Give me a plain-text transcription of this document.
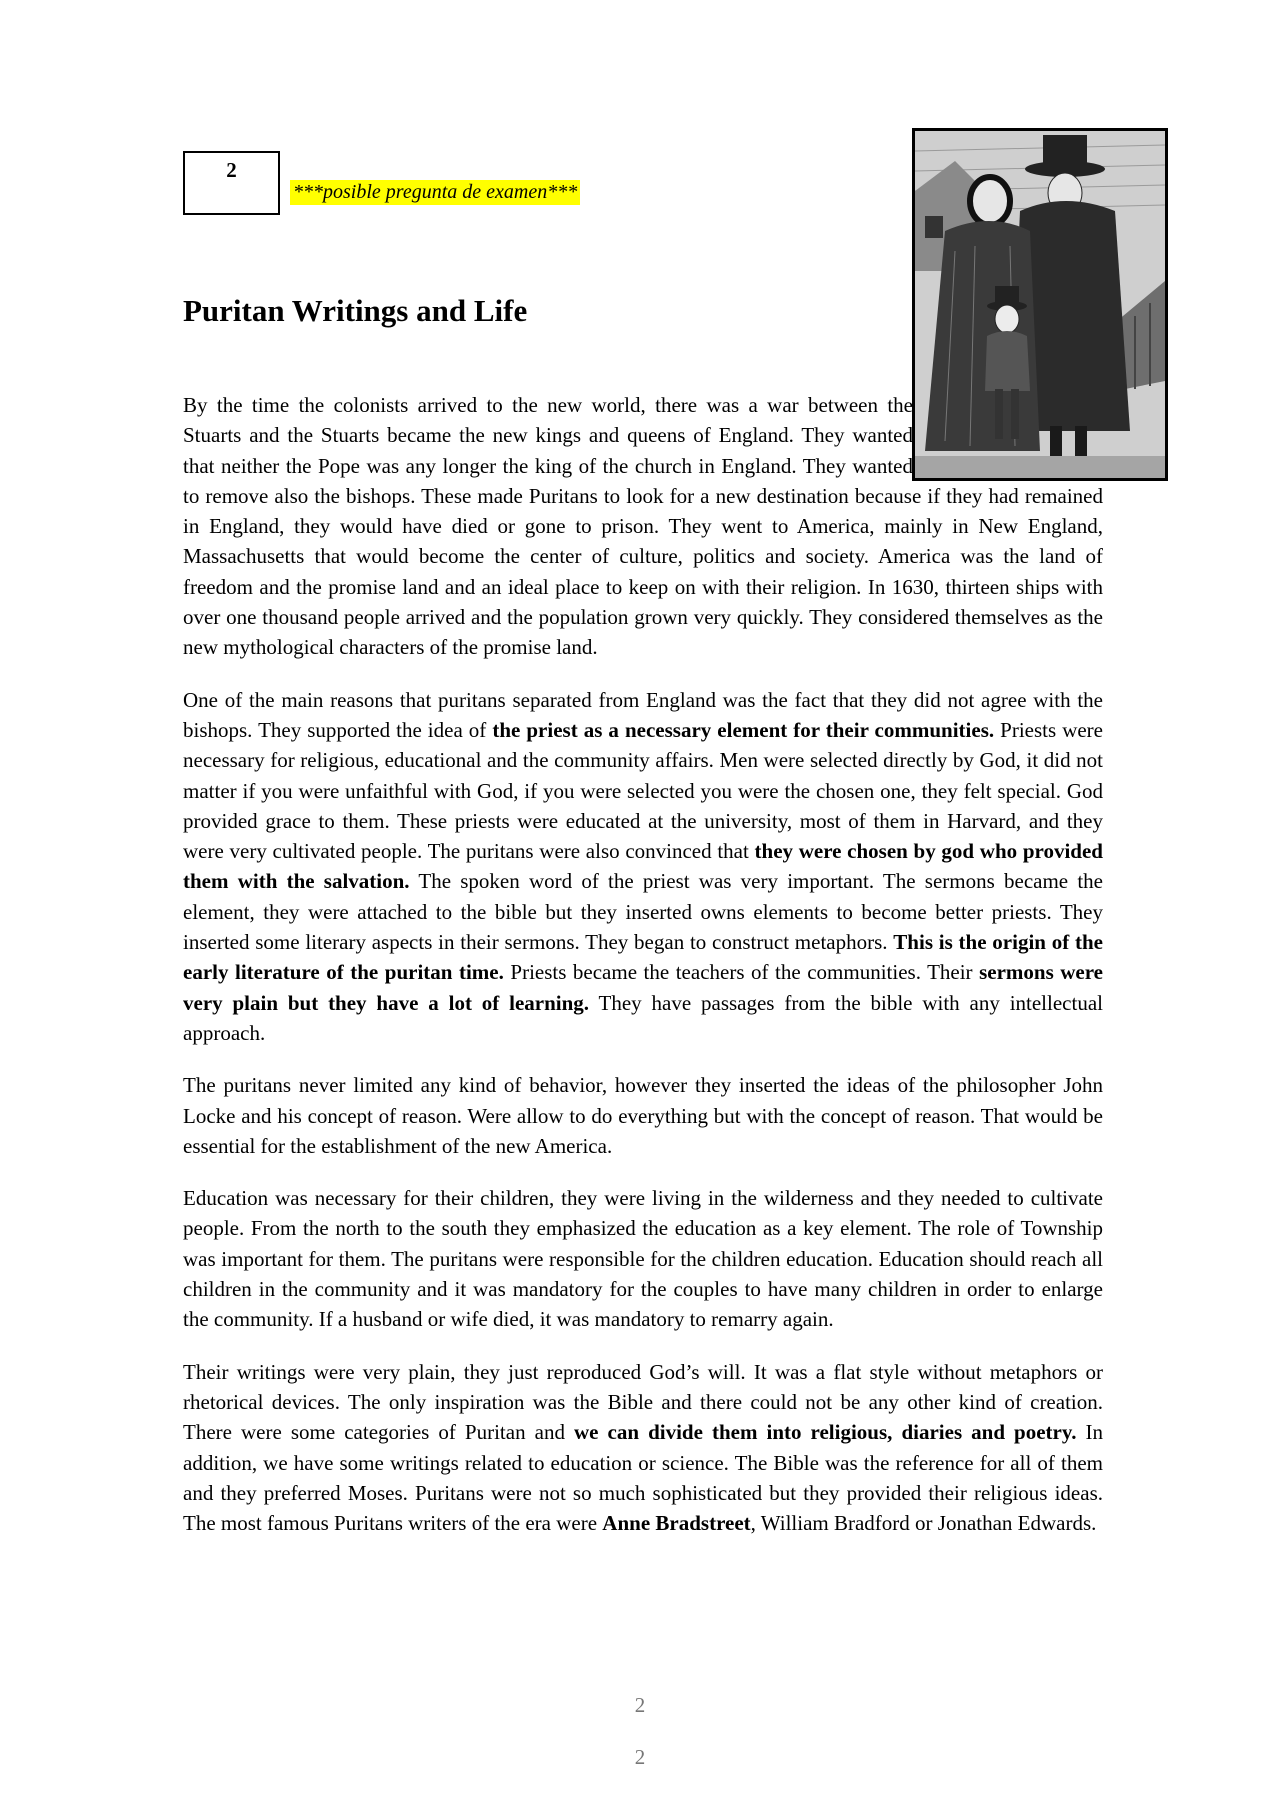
2
***posible pregunta de examen***
Puritan Writings and Life

By the time the colonists arrived to the new world, there was a war between the Stuarts and the Stuarts became the new kings and queens of England. They wanted that neither the Pope was any longer the king of the church in England. They wanted to remove also the bishops. These made Puritans to look for a new destination because if they had remained in England, they would have died or gone to prison. They went to America, mainly in New England, Massachusetts that would become the center of culture, politics and society. America was the land of freedom and the promise land and an ideal place to keep on with their religion. In 1630, thirteen ships with over one thousand people arrived and the population grown very quickly. They considered themselves as the new mythological characters of the promise land.

One of the main reasons that puritans separated from England was the fact that they did not agree with the bishops. They supported the idea of the priest as a necessary element for their communities. Priests were necessary for religious, educational and the community affairs. Men were selected directly by God, it did not matter if you were unfaithful with God, if you were selected you were the chosen one, they felt special. God provided grace to them. These priests were educated at the university, most of them in Harvard, and they were very cultivated people. The puritans were also convinced that they were chosen by god who provided them with the salvation. The spoken word of the priest was very important. The sermons became the element, they were attached to the bible but they inserted owns elements to become better priests. They inserted some literary aspects in their sermons. They began to construct metaphors. This is the origin of the early literature of the puritan time. Priests became the teachers of the communities. Their sermons were very plain but they have a lot of learning. They have passages from the bible with any intellectual approach.

The puritans never limited any kind of behavior, however they inserted the ideas of the philosopher John Locke and his concept of reason. Were allow to do everything but with the concept of reason. That would be essential for the establishment of the new America.

Education was necessary for their children, they were living in the wilderness and they needed to cultivate people. From the north to the south they emphasized the education as a key element. The role of Township was important for them. The puritans were responsible for the children education. Education should reach all children in the community and it was mandatory for the couples to have many children in order to enlarge the community. If a husband or wife died, it was mandatory to remarry again.

Their writings were very plain, they just reproduced God’s will. It was a flat style without metaphors or rhetorical devices. The only inspiration was the Bible and there could not be any other kind of creation. There were some categories of Puritan and we can divide them into religious, diaries and poetry. In addition, we have some writings related to education or science. The Bible was the reference for all of them and they preferred Moses. Puritans were not so much sophisticated but they provided their religious ideas. The most famous Puritans writers of the era were Anne Bradstreet, William Bradford or Jonathan Edwards.

2
2
